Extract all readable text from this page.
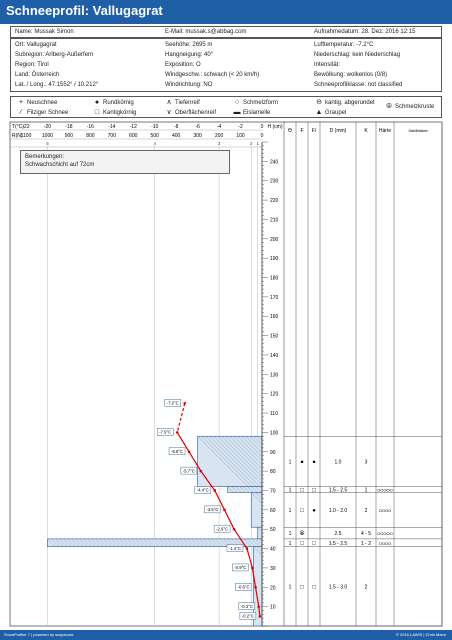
Schneeprofil: Vallugagrat
Name: Mussak Simon	E-Mail: mussak.s@abbag.com	Aufnahmedatum: 28. Dez. 2016 12:15
Ort: Vallugagrat
Subregion: Arlberg-Außerfern
Region: Tirol
Land: Österreich
Lat. / Long.: 47.1552° / 10.212°
Seehöhe: 2695 m
Hangneigung: 40°
Exposition: O
Windgeschw.: schwach (< 20 km/h)
Windrichtung: NO
Lufttemperatur: -7.2°C
Niederschlag: kein Niederschlag
Intensität:
Bewölkung: wolkenlos (0/8)
Schneeprofilklasse: not classified
+ Neuschnee	● Rundkörnig	∧ Tiefenreif	○ Schmelzform	⊖ kantig, abgerundet	⦾ Schmelzkruste
⁄ Filziger Schnee	□ Kantigkörnig	∨ Oberflächenreif	▬ Eislamelle	▲ Graupel
-7.2°C
-7.9°C
-6.8°C
-5.7°C
-4.4°C
-3.5°C
-2.6°C
-1.4°C
-0.9°C
-0.6°C
-0.3°C
-0.2°C
Θ F F/	D (mm)	K Härte	Stabilitätstest
1 ● ●	1.0	3
1 □ □	1.5 - 2.5	1 OOOOO
1 □ ●	1.0 - 2.0	2	OOOO
1 ⦾	2.5	4 - 5 OOOOO
1 □ □	1.5 - 2.5	1 - 2 OOOO
1 □ □	1.5 - 3.0	2
T(°C)
R(N)
-22	-20	-18	-16	-14	-12	-10	-8	-6	-4	-2	0
1100 1000 900	800	700	600	500	400	300	200	100	0
5	4	3	2 1
H (cm)
10
20
30
40
50
60
70
80
90
100
110
120
130
140
150
160
170
180
190
200
210
220
230
240
Bemerkungen:
Schwachschicht auf 72cm
SnowProfiler 7 | powered by snapscore	© 2016 LAWIS | Chris Mann
